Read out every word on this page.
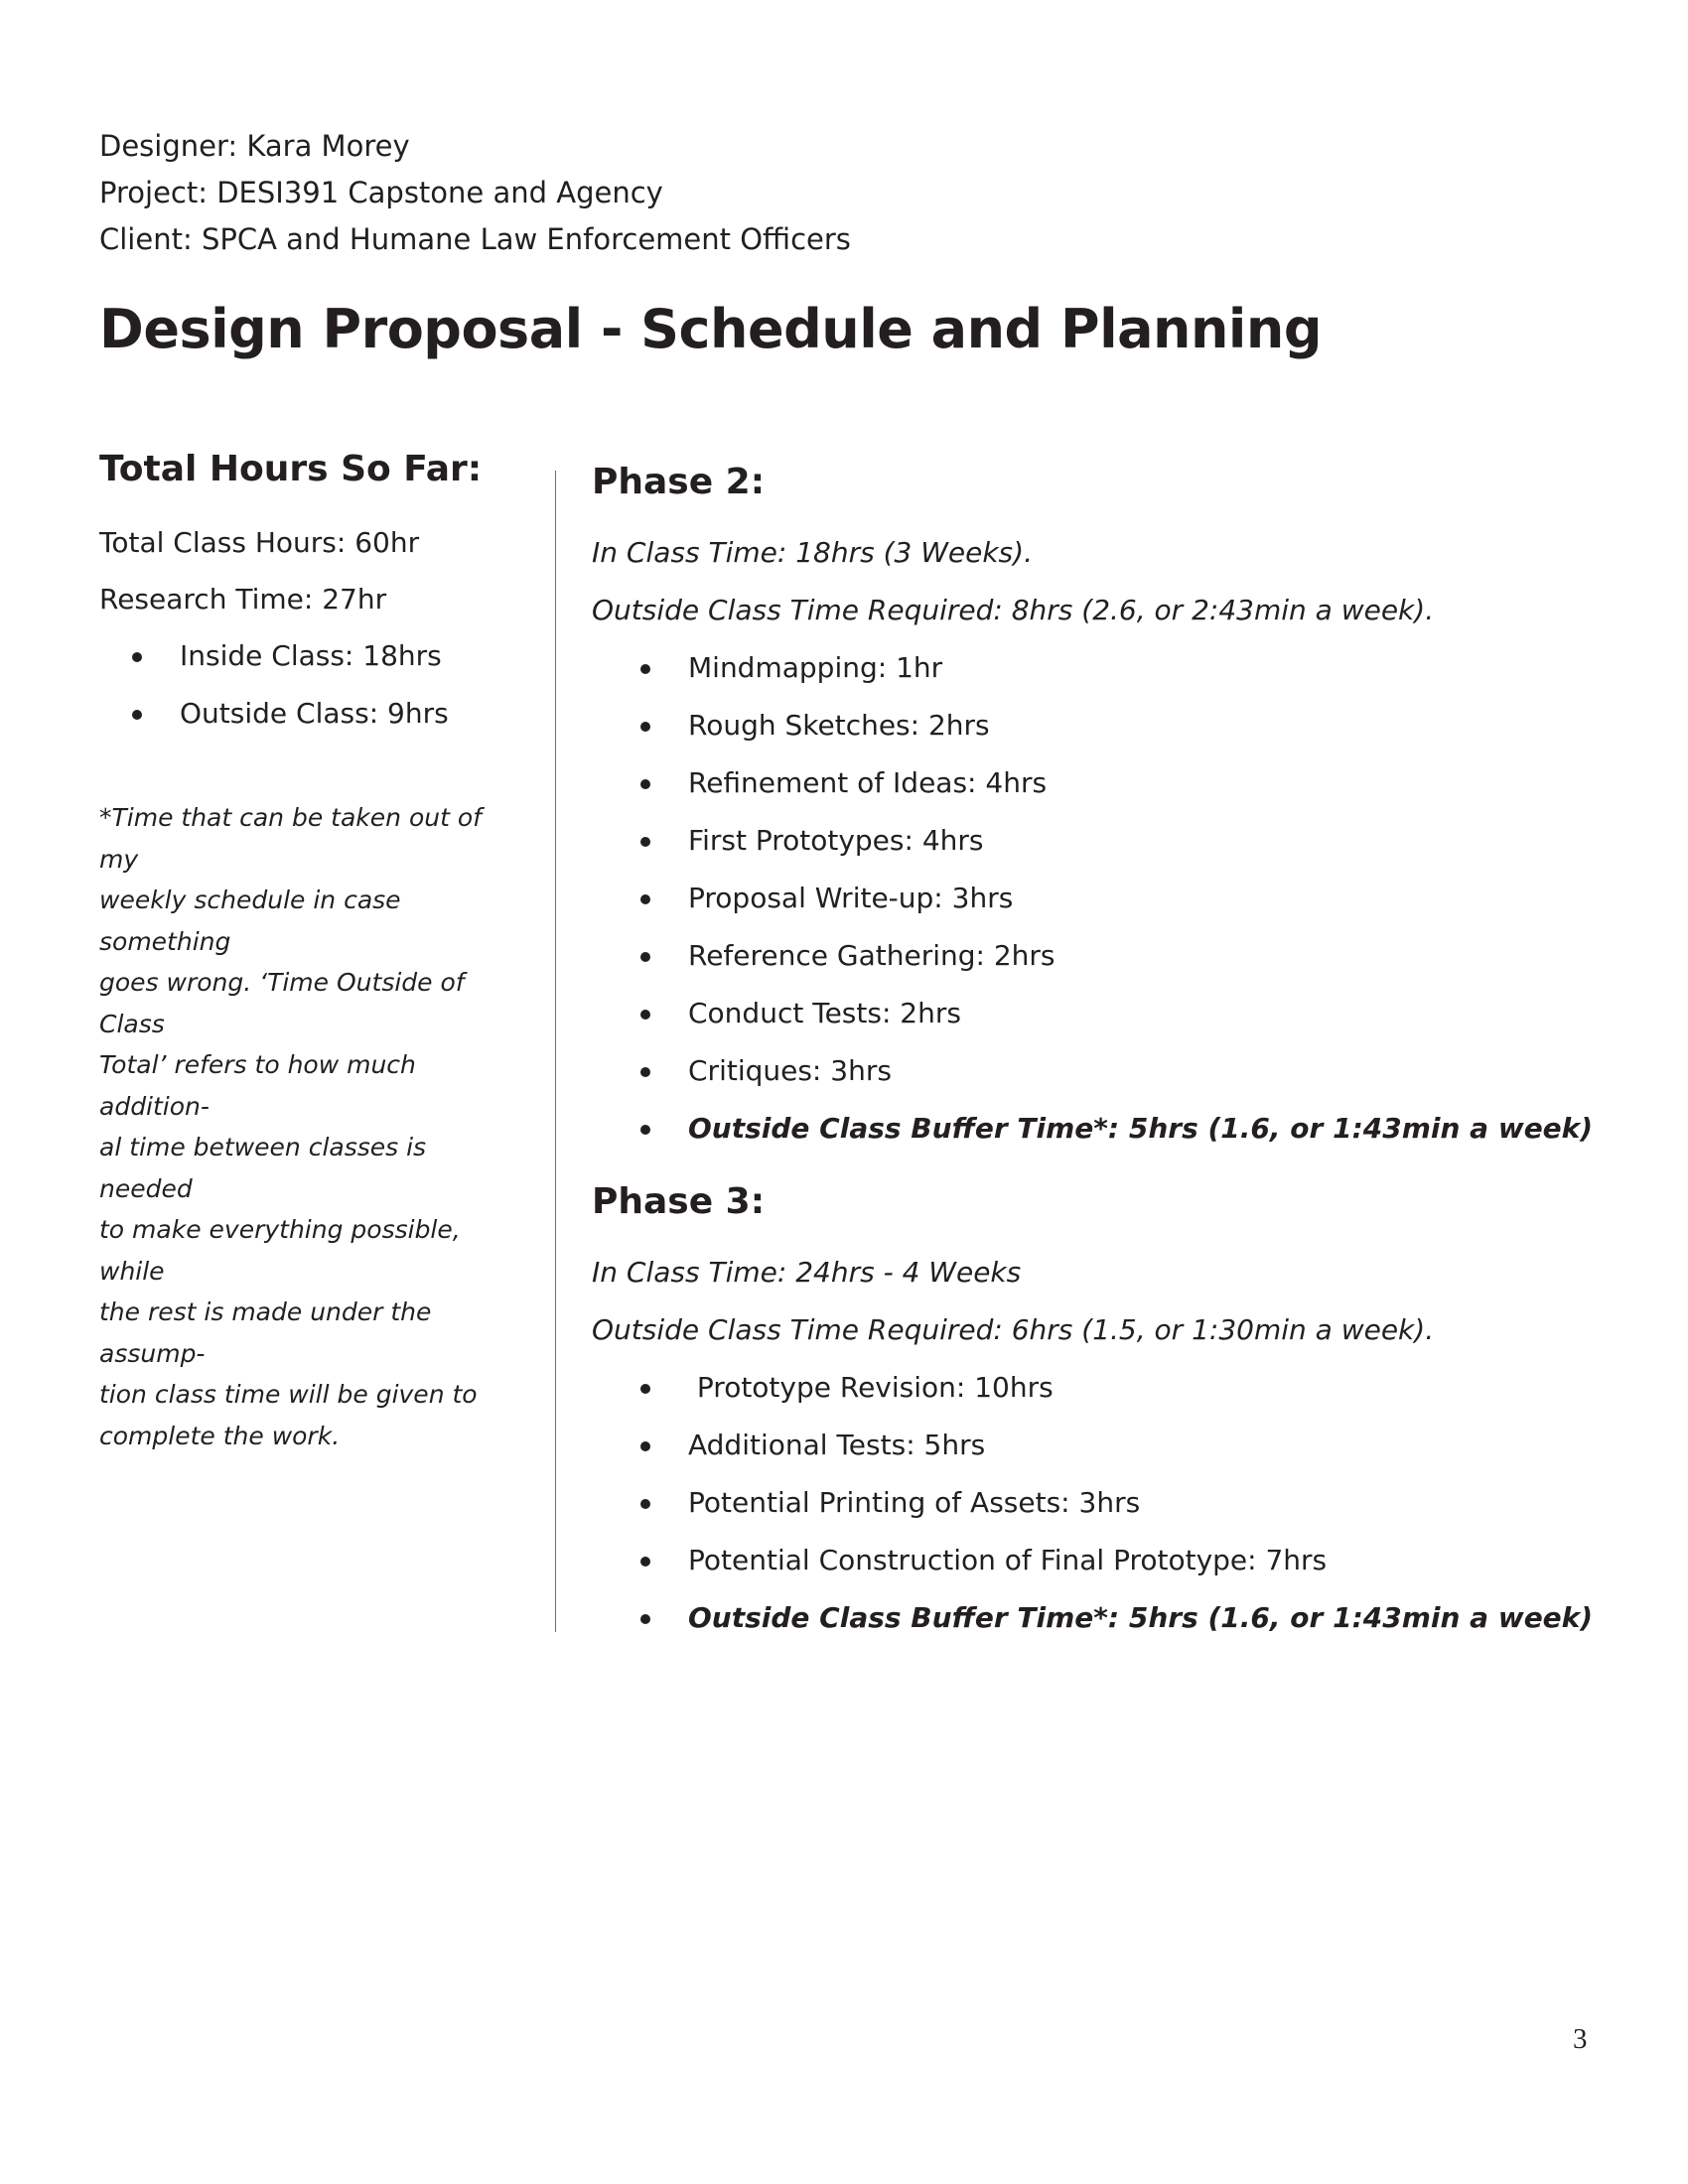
Designer: Kara Morey
Project: DESI391 Capstone and Agency
Client: SPCA and Humane Law Enforcement Officers
Design Proposal - Schedule and Planning
Total Hours So Far:
Total Class Hours: 60hr
Research Time: 27hr
Inside Class: 18hrs
Outside Class: 9hrs

*Time that can be taken out of my
weekly schedule in case something
goes wrong. ‘Time Outside of Class
Total’ refers to how much addition-
al time between classes is needed
to make everything possible, while
the rest is made under the assump-
tion class time will be given to
complete the work.

Phase 2:
In Class Time: 18hrs (3 Weeks).
Outside Class Time Required: 8hrs (2.6, or 2:43min a week).
Mindmapping: 1hr
Rough Sketches: 2hrs
Refinement of Ideas: 4hrs
First Prototypes: 4hrs
Proposal Write-up: 3hrs
Reference Gathering: 2hrs
Conduct Tests: 2hrs
Critiques: 3hrs
Outside Class Buffer Time*: 5hrs (1.6, or 1:43min a week)
Phase 3:
In Class Time: 24hrs - 4 Weeks
Outside Class Time Required: 6hrs (1.5, or 1:30min a week).
Prototype Revision: 10hrs
Additional Tests: 5hrs
Potential Printing of Assets: 3hrs
Potential Construction of Final Prototype: 7hrs
Outside Class Buffer Time*: 5hrs (1.6, or 1:43min a week)
3
